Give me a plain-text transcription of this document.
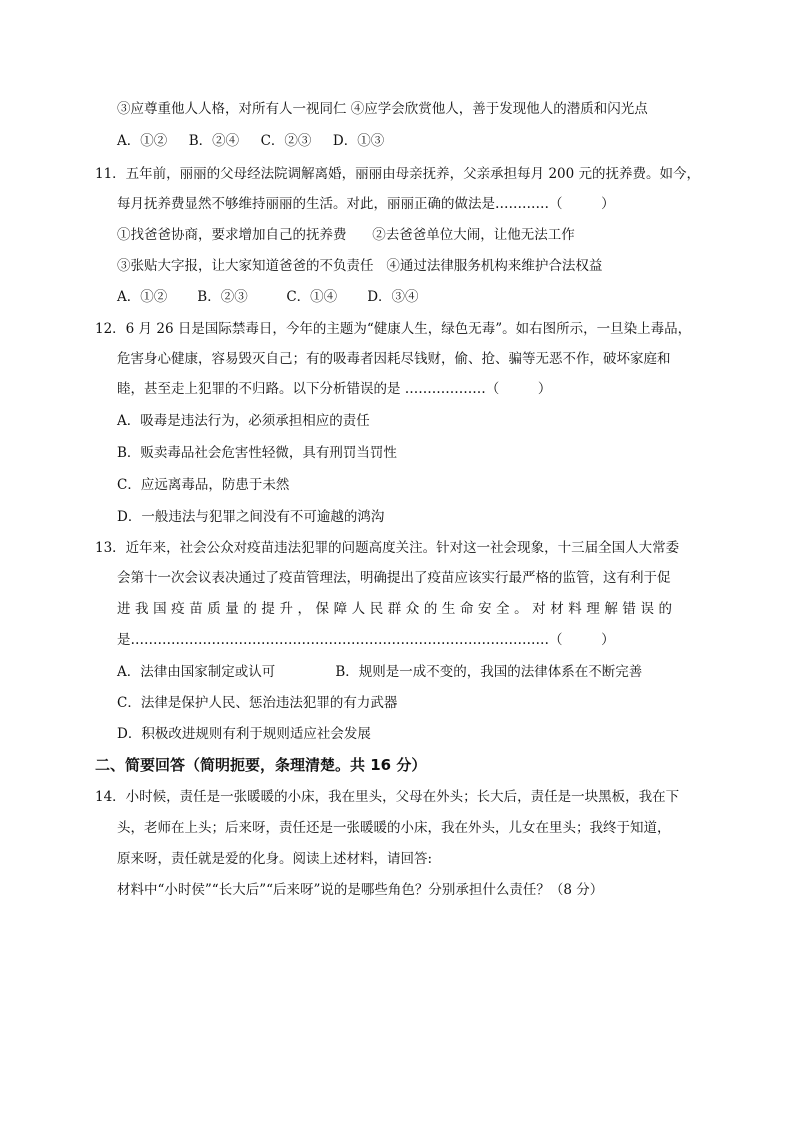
③应尊重他人人格，对所有人一视同仁 ④应学会欣赏他人，善于发现他人的潜质和闪光点
A．①②     B．②④     C．②③     D．①③
11．五年前，丽丽的父母经法院调解离婚，丽丽由母亲抚养，父亲承担每月 200 元的抚养费。如今，
每月抚养费显然不够维持丽丽的生活。对此，丽丽正确的做法是…………（         ）
①找爸爸协商，要求增加自己的抚养费      ②去爸爸单位大闹，让他无法工作
③张贴大字报，让大家知道爸爸的不负责任   ④通过法律服务机构来维护合法权益
A．①②       B．②③         C．①④       D．③④
12．6 月 26 日是国际禁毒日，今年的主题为“健康人生，绿色无毒”。如右图所示，一旦染上毒品，
危害身心健康，容易毁灭自己；有的吸毒者因耗尽钱财，偷、抢、骗等无恶不作，破坏家庭和
睦，甚至走上犯罪的不归路。以下分析错误的是 ………………（         ）
A．吸毒是违法行为，必须承担相应的责任
B．贩卖毒品社会危害性轻微，具有刑罚当罚性
C．应远离毒品，防患于未然
D．一般违法与犯罪之间没有不可逾越的鸿沟
13．近年来，社会公众对疫苗违法犯罪的问题高度关注。针对这一社会现象，十三届全国人大常委
会第十一次会议表决通过了疫苗管理法，明确提出了疫苗应该实行最严格的监管，这有利于促
进我国疫苗质量的提升，保障人民群众的生命安全。对材料理解错误的
是…………………………………………………………………………………（         ）
A．法律由国家制定或认可              B．规则是一成不变的，我国的法律体系在不断完善
C．法律是保护人民、惩治违法犯罪的有力武器
D．积极改进规则有利于规则适应社会发展
二、简要回答（简明扼要，条理清楚。共 16 分）
14．小时候，责任是一张暖暖的小床，我在里头，父母在外头；长大后，责任是一块黑板，我在下
头，老师在上头；后来呀，责任还是一张暖暖的小床，我在外头，儿女在里头；我终于知道，
原来呀，责任就是爱的化身。阅读上述材料，请回答:
材料中“小时侯”“长大后”“后来呀”说的是哪些角色？分别承担什么责任？（8 分）
